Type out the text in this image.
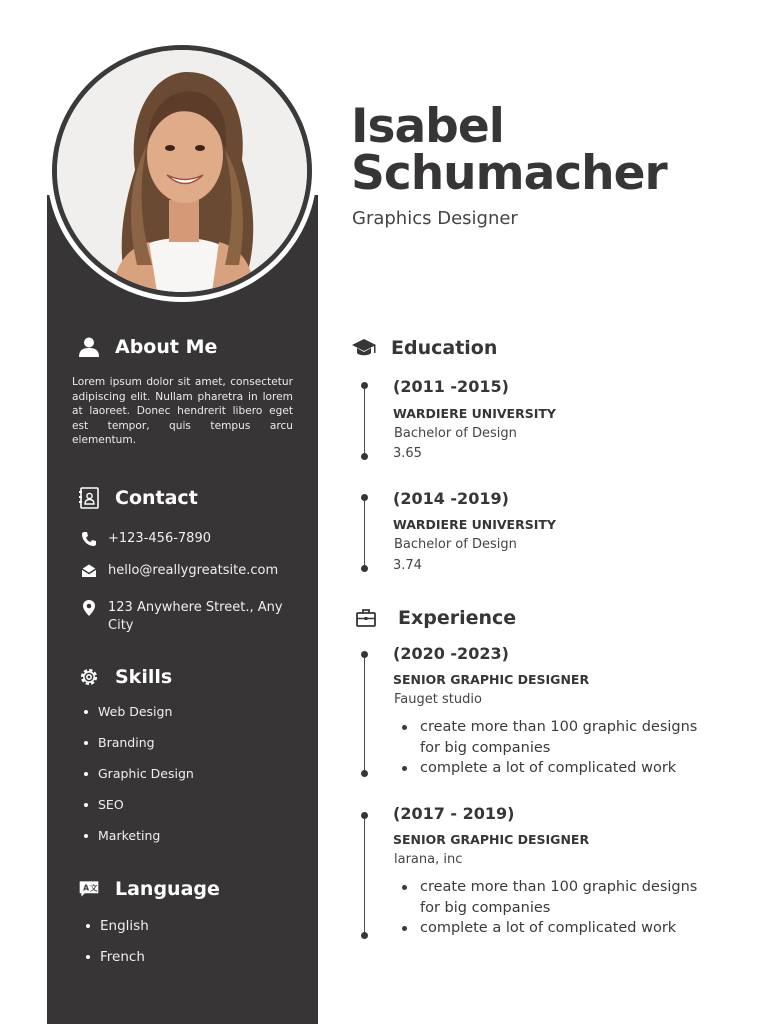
About Me
Lorem ipsum dolor sit amet, consectetur adipiscing elit. Nullam pharetra in lorem at laoreet. Donec hendrerit libero eget est tempor, quis tempus arcu elementum.
Contact
+123-456-7890
hello@reallygreatsite.com
123 Anywhere Street., Any City
Skills
Web Design
Branding
Graphic Design
SEO
Marketing
A 文 Language
English
French
Isabel
Schumacher
Graphics Designer
Education
(2011 -2015)
WARDIERE UNIVERSITY
Bachelor of Design
3.65
(2014 -2019)
WARDIERE UNIVERSITY
Bachelor of Design
3.74
Experience
(2020 -2023)
SENIOR GRAPHIC DESIGNER
Fauget studio
create more than 100 graphic designs for big companies
complete a lot of complicated work
(2017 - 2019)
SENIOR GRAPHIC DESIGNER
larana, inc
create more than 100 graphic designs for big companies
complete a lot of complicated work
